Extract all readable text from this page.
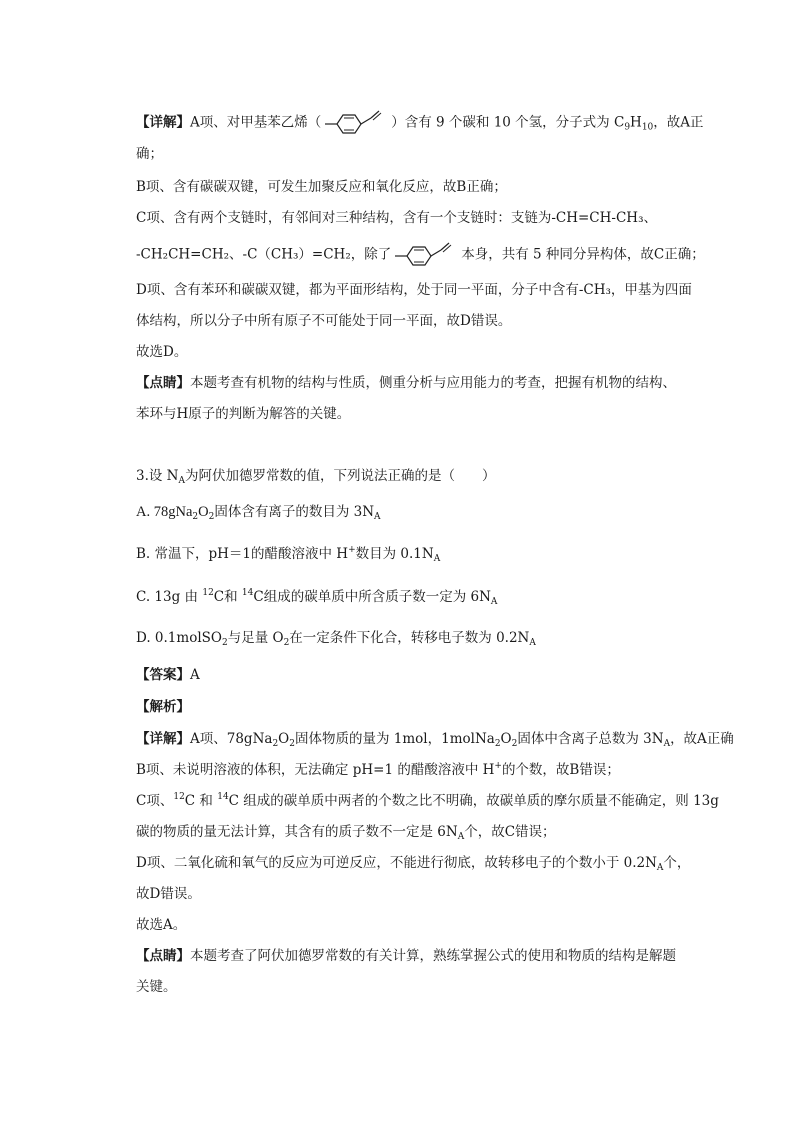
【详解】A项、对甲基苯乙烯（	）含有 9 个碳和 10 个氢，分子式为 $C_9H_{10}$，故A正
确；
B项、含有碳碳双键，可发生加聚反应和氧化反应，故B正确；
C项、含有两个支链时，有邻间对三种结构，含有一个支链时：支链为-CH=CH-CH₃、
-CH₂CH=CH₂、-C（CH₃）=CH₂，除了	本身，共有 5 种同分异构体，故C正确；
D项、含有苯环和碳碳双键，都为平面形结构，处于同一平面，分子中含有-CH₃，甲基为四面
体结构，所以分子中所有原子不可能处于同一平面，故D错误。
故选D。
【点睛】本题考查有机物的结构与性质，侧重分析与应用能力的考查，把握有机物的结构、
苯环与H原子的判断为解答的关键。
3.设 $N_A$为阿伏加德罗常数的值，下列说法正确的是（　　）
A. $78gNa_2O_2$固体含有离子的数目为 $3N_A$
B. 常温下，pH＝1的醋酸溶液中 H+数目为 $0.1N_A$
C. 13g 由 $^{12}$C和 $^{14}$C组成的碳单质中所含质子数一定为 $6N_A$
D. 0.1molSO$_2$与足量 $O_2$在一定条件下化合，转移电子数为 $0.2N_A$
【答案】A
【解析】
【详解】A项、$78gNa_2O_2$固体物质的量为 1mol，$1molNa_2O_2$固体中含离子总数为 $3N_A$，故A正确
B项、未说明溶液的体积，无法确定 pH=1 的醋酸溶液中 H+的个数，故B错误；
C项、$^{12}$C 和 $^{14}$C 组成的碳单质中两者的个数之比不明确，故碳单质的摩尔质量不能确定，则 13g
碳的物质的量无法计算，其含有的质子数不一定是 $6N_A$个，故C错误；
D项、二氧化硫和氧气的反应为可逆反应，不能进行彻底，故转移电子的个数小于 $0.2N_A$个，
故D错误。
故选A。
【点睛】本题考查了阿伏加德罗常数的有关计算，熟练掌握公式的使用和物质的结构是解题
关键。
